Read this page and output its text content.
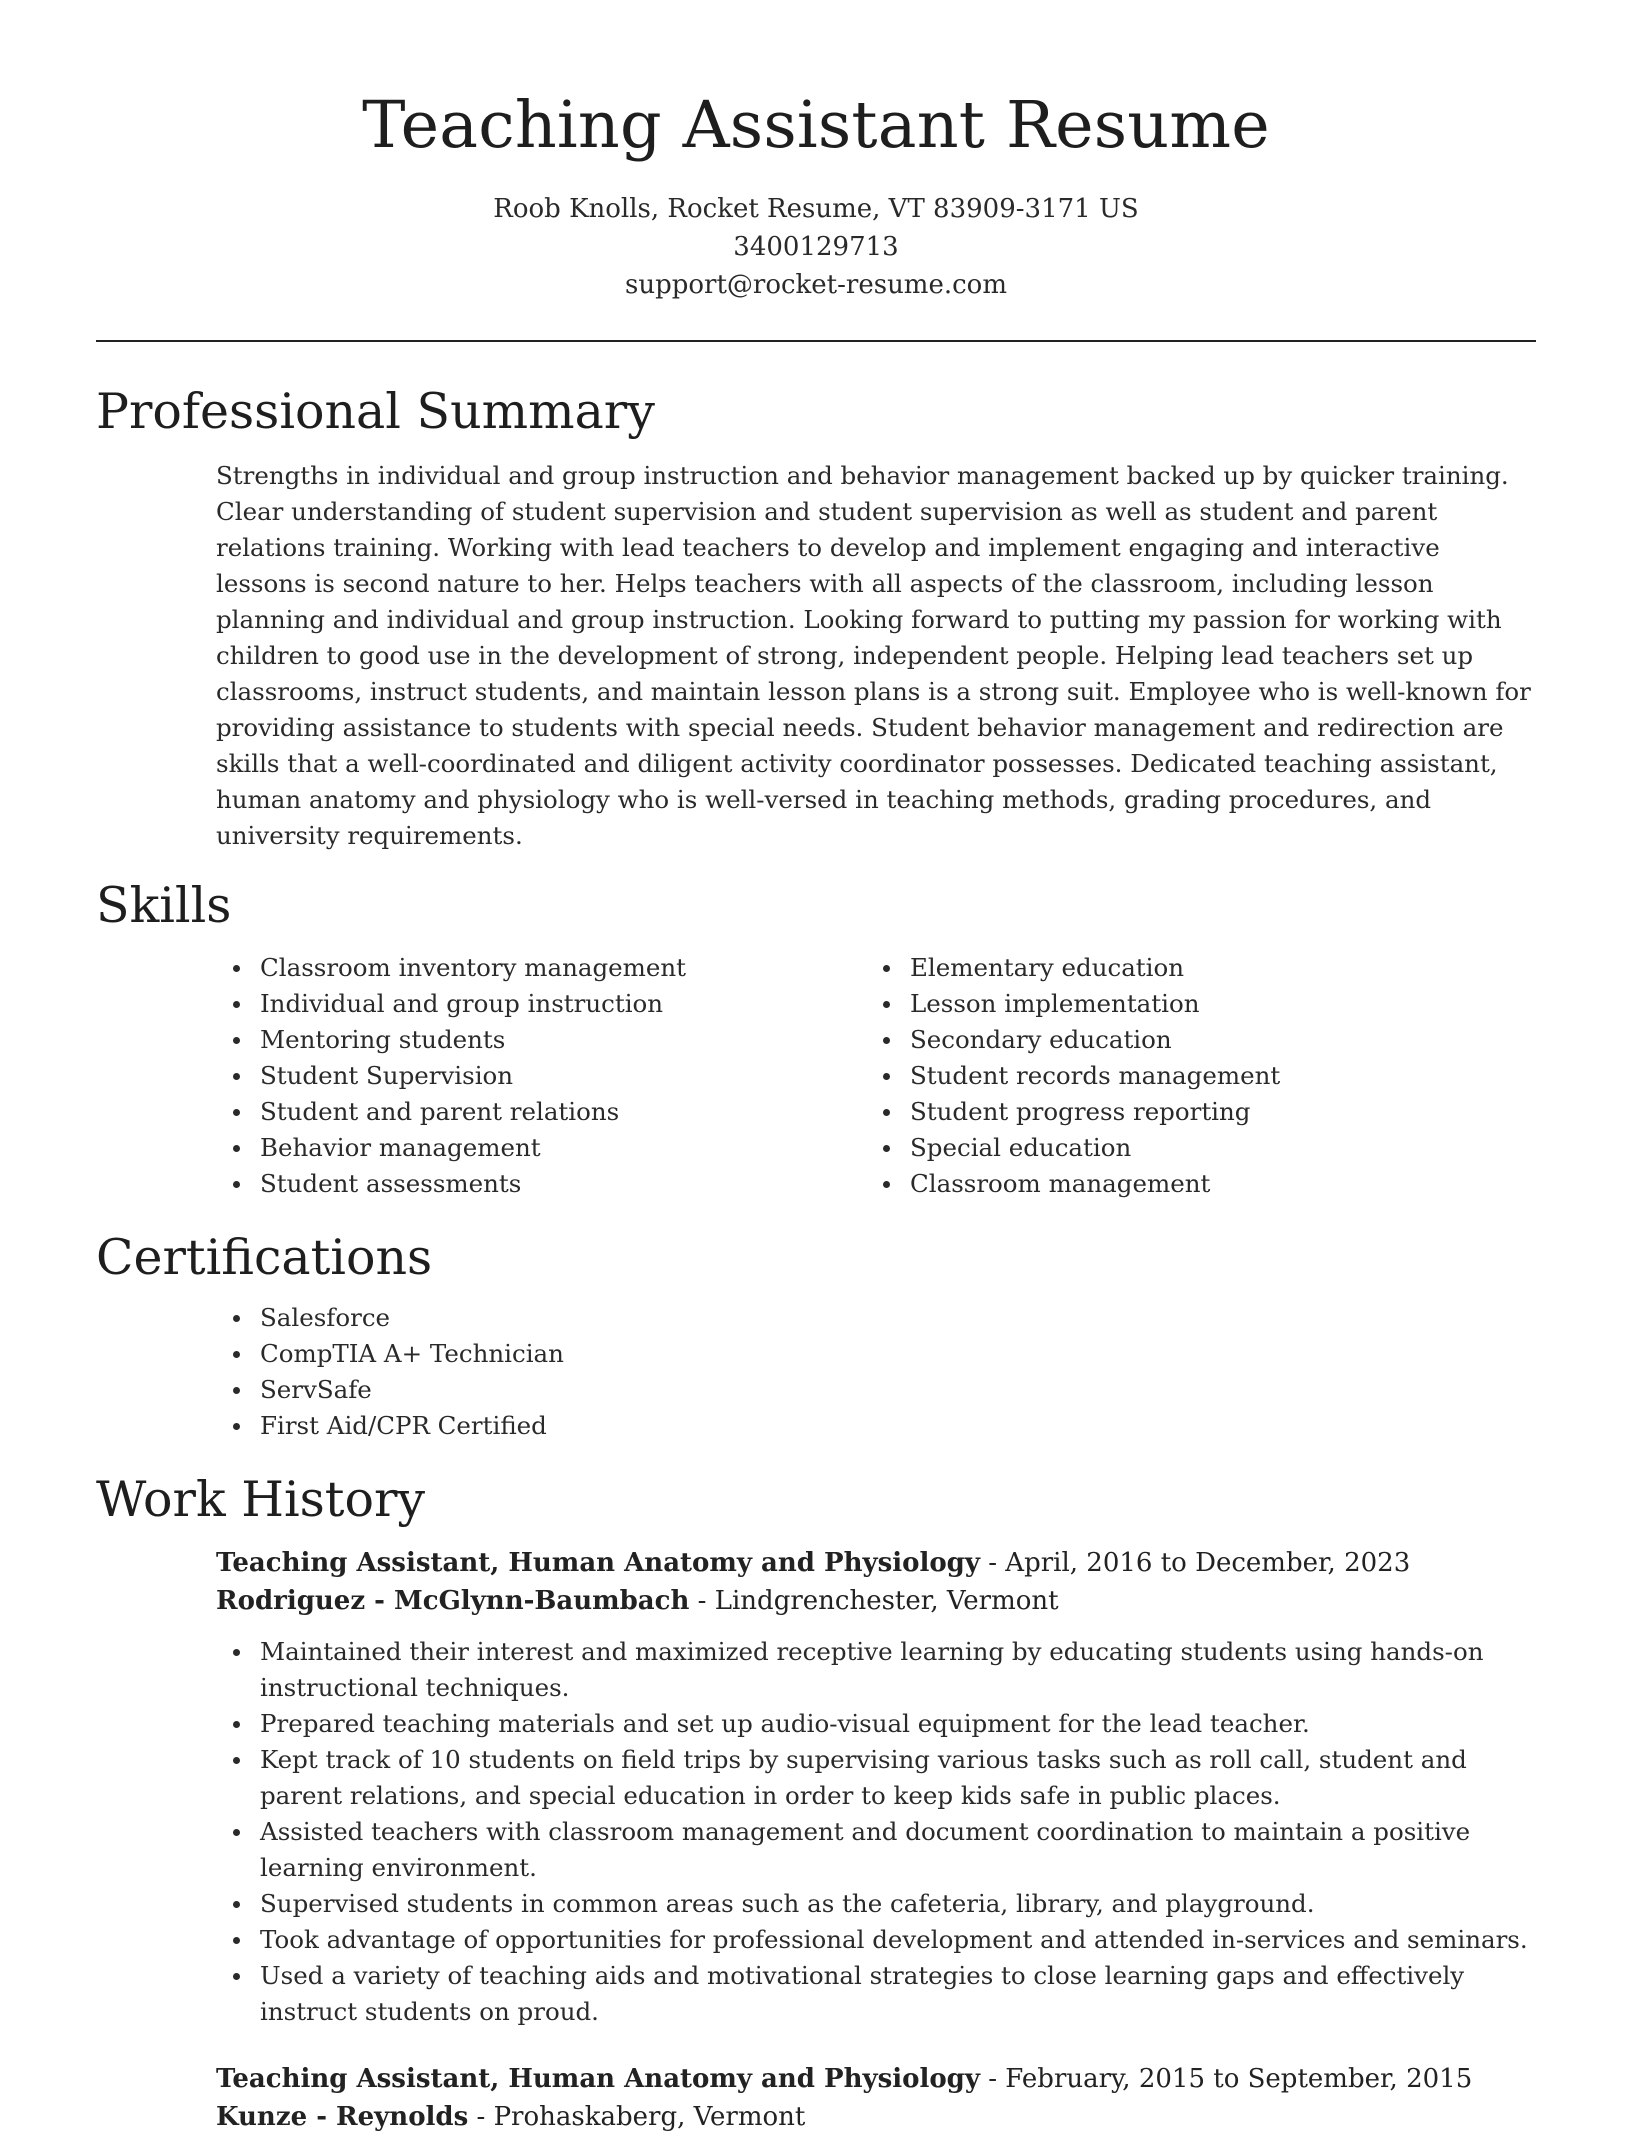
Teaching Assistant Resume
Roob Knolls, Rocket Resume, VT 83909-3171 US
3400129713
support@rocket-resume.com
Professional Summary

Strengths in individual and group instruction and behavior management backed up by quicker training. Clear understanding of student supervision and student supervision as well as student and parent relations training. Working with lead teachers to develop and implement engaging and interactive lessons is second nature to her. Helps teachers with all aspects of the classroom, including lesson planning and individual and group instruction. Looking forward to putting my passion for working with children to good use in the development of strong, independent people. Helping lead teachers set up classrooms, instruct students, and maintain lesson plans is a strong suit. Employee who is well-known for providing assistance to students with special needs. Student behavior management and redirection are skills that a well-coordinated and diligent activity coordinator possesses. Dedicated teaching assistant, human anatomy and physiology who is well-versed in teaching methods, grading procedures, and university requirements.

Skills
Classroom inventory management
Individual and group instruction
Mentoring students
Student Supervision
Student and parent relations
Behavior management
Student assessments
Elementary education
Lesson implementation
Secondary education
Student records management
Student progress reporting
Special education
Classroom management
Certifications
Salesforce
CompTIA A+ Technician
ServSafe
First Aid/CPR Certified
Work History
Teaching Assistant, Human Anatomy and Physiology - April, 2016 to December, 2023
Rodriguez - McGlynn-Baumbach - Lindgrenchester, Vermont
Maintained their interest and maximized receptive learning by educating students using hands-on instructional techniques.
Prepared teaching materials and set up audio-visual equipment for the lead teacher.
Kept track of 10 students on field trips by supervising various tasks such as roll call, student and parent relations, and special education in order to keep kids safe in public places.
Assisted teachers with classroom management and document coordination to maintain a positive learning environment.
Supervised students in common areas such as the cafeteria, library, and playground.
Took advantage of opportunities for professional development and attended in-services and seminars.
Used a variety of teaching aids and motivational strategies to close learning gaps and effectively instruct students on proud.
Teaching Assistant, Human Anatomy and Physiology - February, 2015 to September, 2015
Kunze - Reynolds - Prohaskaberg, Vermont
